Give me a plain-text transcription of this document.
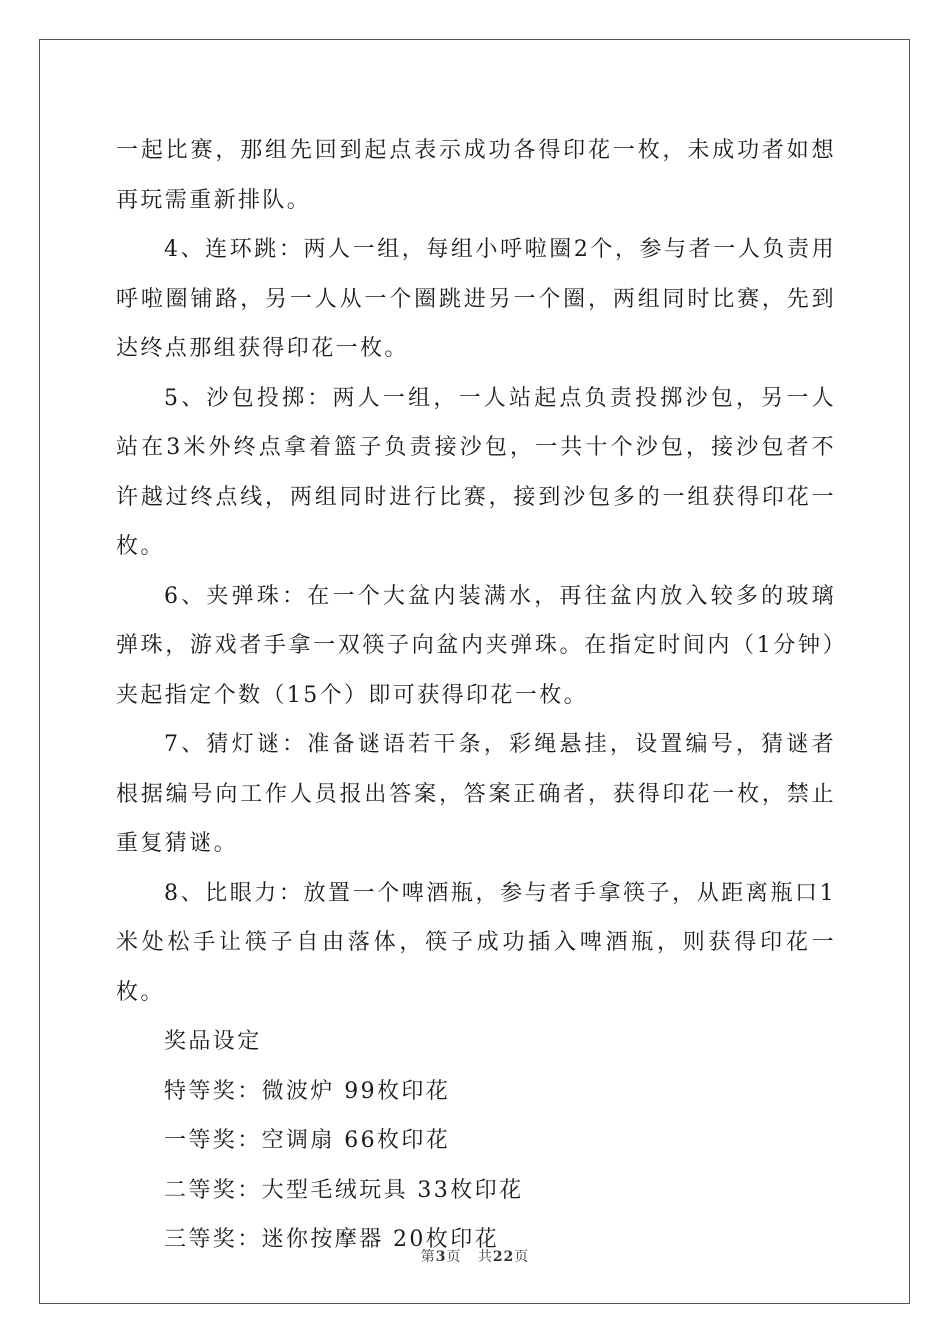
一起比赛，那组先回到起点表示成功各得印花一枚，未成功者如想再玩需重新排队。

4、连环跳：两人一组，每组小呼啦圈2个，参与者一人负责用呼啦圈铺路，另一人从一个圈跳进另一个圈，两组同时比赛，先到达终点那组获得印花一枚。

5、沙包投掷：两人一组，一人站起点负责投掷沙包，另一人站在3米外终点拿着篮子负责接沙包，一共十个沙包，接沙包者不许越过终点线，两组同时进行比赛，接到沙包多的一组获得印花一枚。

6、夹弹珠：在一个大盆内装满水，再往盆内放入较多的玻璃弹珠，游戏者手拿一双筷子向盆内夹弹珠。在指定时间内（1分钟）夹起指定个数（15个）即可获得印花一枚。

7、猜灯谜：准备谜语若干条，彩绳悬挂，设置编号，猜谜者根据编号向工作人员报出答案，答案正确者，获得印花一枚，禁止重复猜谜。

8、比眼力：放置一个啤酒瓶，参与者手拿筷子，从距离瓶口1米处松手让筷子自由落体，筷子成功插入啤酒瓶，则获得印花一枚。

奖品设定

特等奖：微波炉 99枚印花

一等奖：空调扇 66枚印花

二等奖：大型毛绒玩具 33枚印花

三等奖：迷你按摩器 20枚印花

第3页 共22页
